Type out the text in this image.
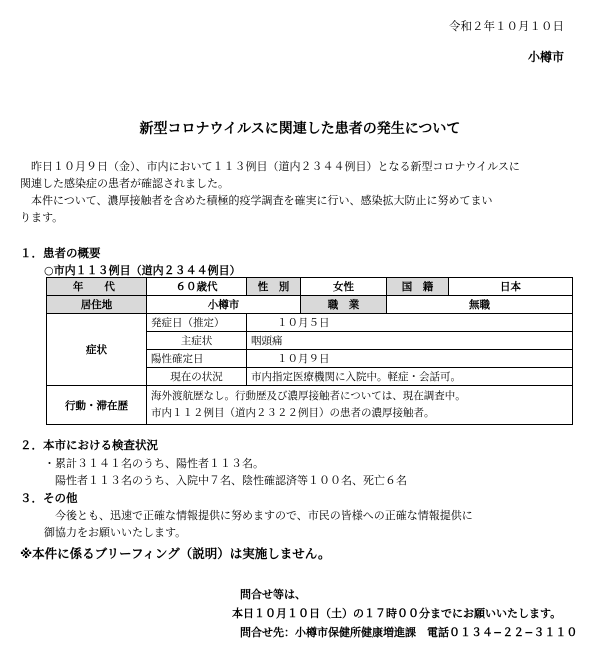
令和２年１０月１０日
小樽市
新型コロナウイルスに関連した患者の発生について
　昨日１０月９日（金）、市内において１１３例目（道内２３４４例目）となる新型コロナウイルスに
関連した感染症の患者が確認されました。
　本件について、濃厚接触者を含めた積極的疫学調査を確実に行い、感染拡大防止に努めてまい
ります。
１．患者の概要
○市内１１３例目（道内２３４４例目）
年　代	６０歳代	性　別	女性	国　籍	日本
居住地	小樽市		職　業	無職	
症状	発症日（推定）	１０月５日			
	主症状	咽頭痛			
	陽性確定日	１０月９日			
	現在の状況	市内指定医療機関に入院中。軽症・会話可。			
行動・滞在歴	海外渡航歴なし。行動歴及び濃厚接触者については、現在調査中。
市内１１２例目（道内２３２２例目）の患者の濃厚接触者。				
２．本市における検査状況
・累計３１４１名のうち、陽性者１１３名。
　陽性者１１３名のうち、入院中７名、陰性確認済等１００名、死亡６名
３．その他
　今後とも、迅速で正確な情報提供に努めますので、市民の皆様への正確な情報提供に
御協力をお願いいたします。
※本件に係るブリーフィング（説明）は実施しません。
問合せ等は、
本日１０月１０日（土）の１７時００分までにお願いいたします。
問合せ先：小樽市保健所健康増進課　電話０１３４−２２−３１１０
